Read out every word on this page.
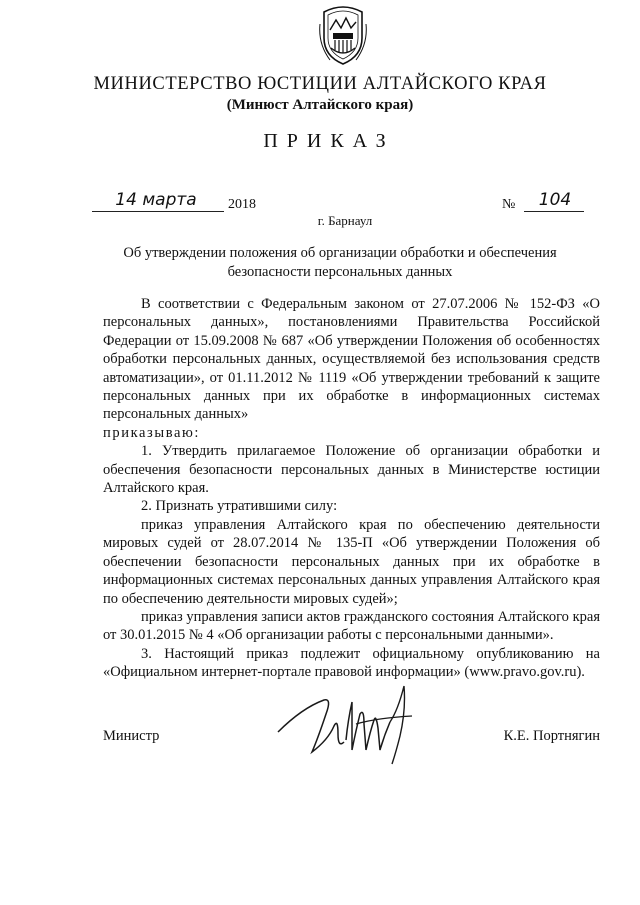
МИНИСТЕРСТВО ЮСТИЦИИ АЛТАЙСКОГО КРАЯ
(Минюст Алтайского края)
ПРИКАЗ
14 марта	2018	№	104
г. Барнаул
Об утверждении положения об организации обработки и обеспечения безопасности персональных данных

В соответствии с Федеральным законом от 27.07.2006 № 152-ФЗ «О персональных данных», постановлениями Правительства Российской Федерации от 15.09.2008 № 687 «Об утверждении Положения об особенностях обработки персональных данных, осуществляемой без использования средств автоматизации», от 01.11.2012 № 1119 «Об утверждении требований к защите персональных данных при их обработке в информационных системах персональных данных»

приказываю:

1. Утвердить прилагаемое Положение об организации обработки и обеспечения безопасности персональных данных в Министерстве юстиции Алтайского края.

2. Признать утратившими силу:

приказ управления Алтайского края по обеспечению деятельности мировых судей от 28.07.2014 № 135-П «Об утверждении Положения об обеспечении безопасности персональных данных при их обработке в информационных системах персональных данных управления Алтайского края по обеспечению деятельности мировых судей»;

приказ управления записи актов гражданского состояния Алтайского края от 30.01.2015 № 4 «Об организации работы с персональными данными».

3. Настоящий приказ подлежит официальному опубликованию на «Официальном интернет-портале правовой информации» (www.pravo.gov.ru).

Министр	К.Е. Портнягин
